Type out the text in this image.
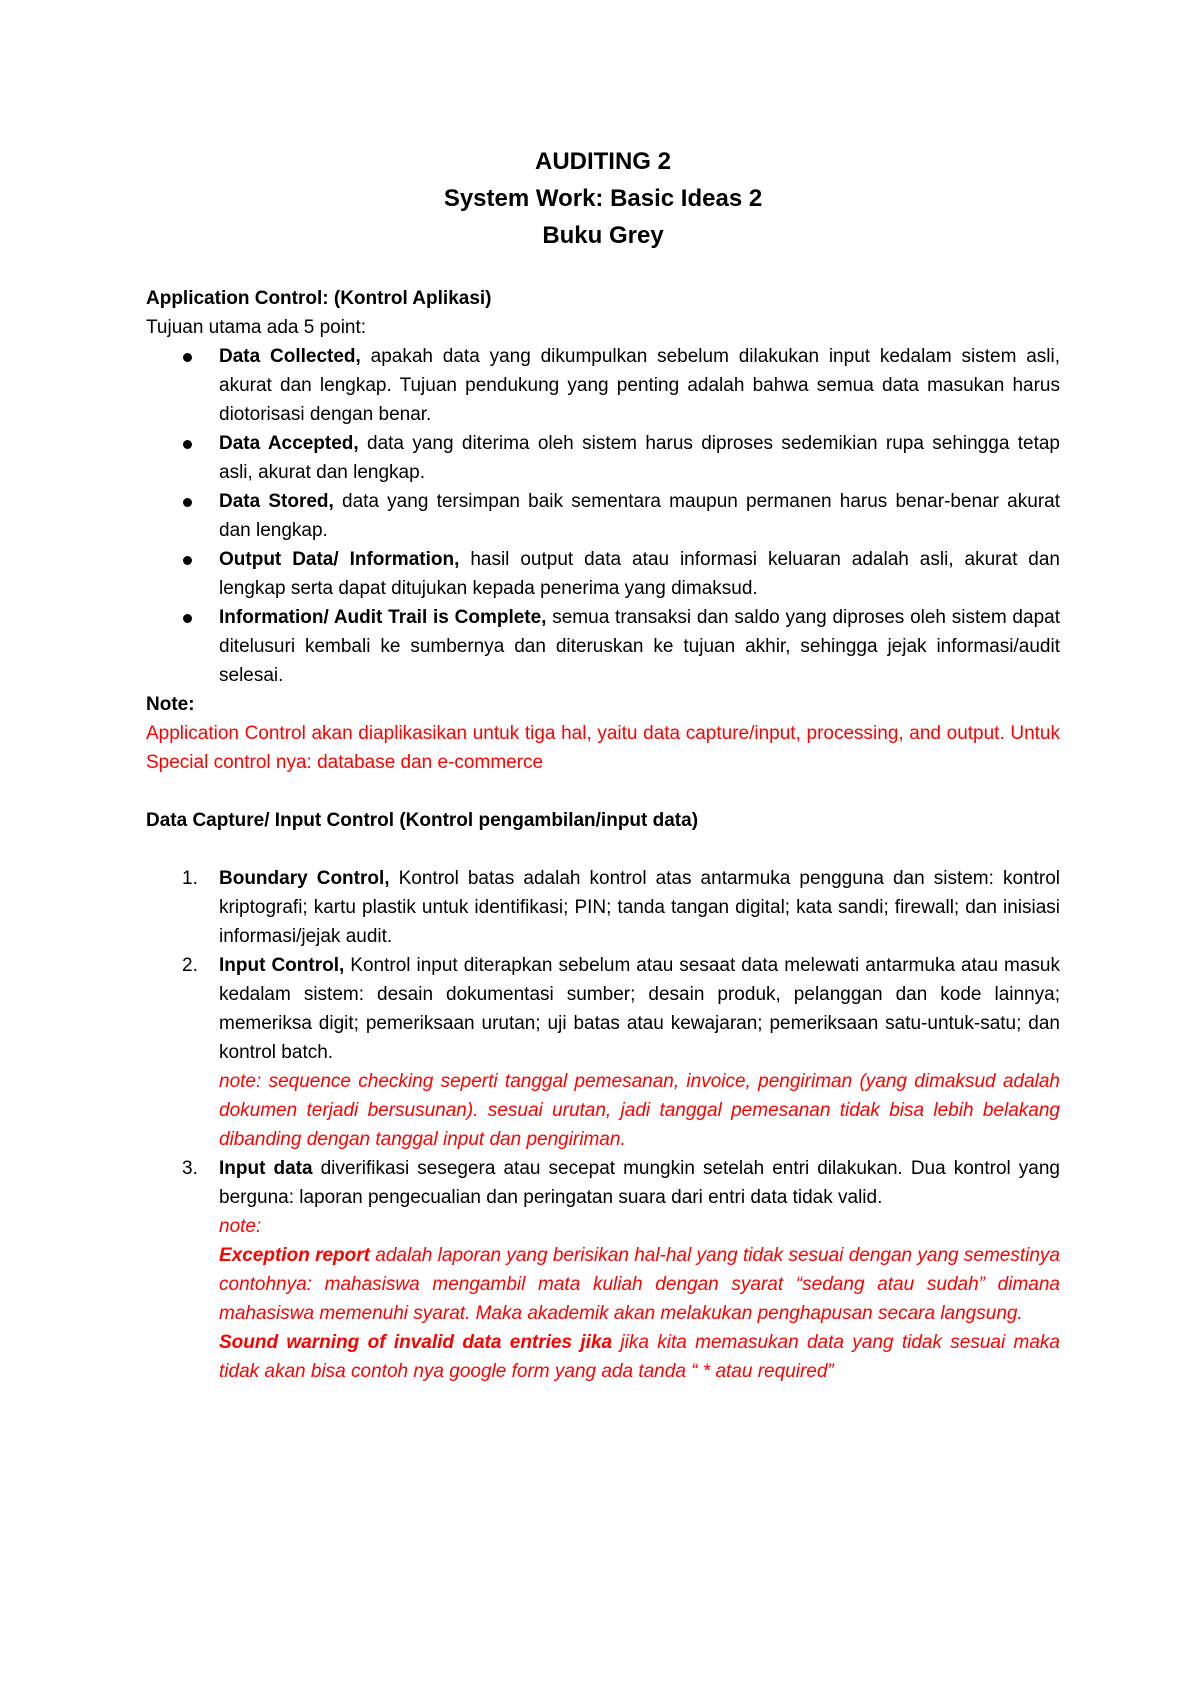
AUDITING 2
System Work: Basic Ideas 2
Buku Grey
Application Control: (Kontrol Aplikasi)
Tujuan utama ada 5 point:
Data Collected, apakah data yang dikumpulkan sebelum dilakukan input kedalam sistem asli, akurat dan lengkap. Tujuan pendukung yang penting adalah bahwa semua data masukan harus diotorisasi dengan benar.
Data Accepted, data yang diterima oleh sistem harus diproses sedemikian rupa sehingga tetap asli, akurat dan lengkap.
Data Stored, data yang tersimpan baik sementara maupun permanen harus benar-benar akurat dan lengkap.
Output Data/ Information, hasil output data atau informasi keluaran adalah asli, akurat dan lengkap serta dapat ditujukan kepada penerima yang dimaksud.
Information/ Audit Trail is Complete, semua transaksi dan saldo yang diproses oleh sistem dapat ditelusuri kembali ke sumbernya dan diteruskan ke tujuan akhir, sehingga jejak informasi/audit selesai.
Note:
Application Control akan diaplikasikan untuk tiga hal, yaitu data capture/input, processing, and output. Untuk Special control nya: database dan e-commerce
Data Capture/ Input Control (Kontrol pengambilan/input data)
1. Boundary Control, Kontrol batas adalah kontrol atas antarmuka pengguna dan sistem: kontrol kriptografi; kartu plastik untuk identifikasi; PIN; tanda tangan digital; kata sandi; firewall; dan inisiasi informasi/jejak audit.
2. Input Control, Kontrol input diterapkan sebelum atau sesaat data melewati antarmuka atau masuk kedalam sistem: desain dokumentasi sumber; desain produk, pelanggan dan kode lainnya; memeriksa digit; pemeriksaan urutan; uji batas atau kewajaran; pemeriksaan satu-untuk-satu; dan kontrol batch.
note: sequence checking seperti tanggal pemesanan, invoice, pengiriman (yang dimaksud adalah dokumen terjadi bersusunan). sesuai urutan, jadi tanggal pemesanan tidak bisa lebih belakang dibanding dengan tanggal input dan pengiriman.
3. Input data diverifikasi sesegera atau secepat mungkin setelah entri dilakukan. Dua kontrol yang berguna: laporan pengecualian dan peringatan suara dari entri data tidak valid.
note:
Exception report adalah laporan yang berisikan hal-hal yang tidak sesuai dengan yang semestinya contohnya: mahasiswa mengambil mata kuliah dengan syarat “sedang atau sudah” dimana mahasiswa memenuhi syarat. Maka akademik akan melakukan penghapusan secara langsung.
Sound warning of invalid data entries jika jika kita memasukan data yang tidak sesuai maka tidak akan bisa contoh nya google form yang ada tanda “ * atau required”
